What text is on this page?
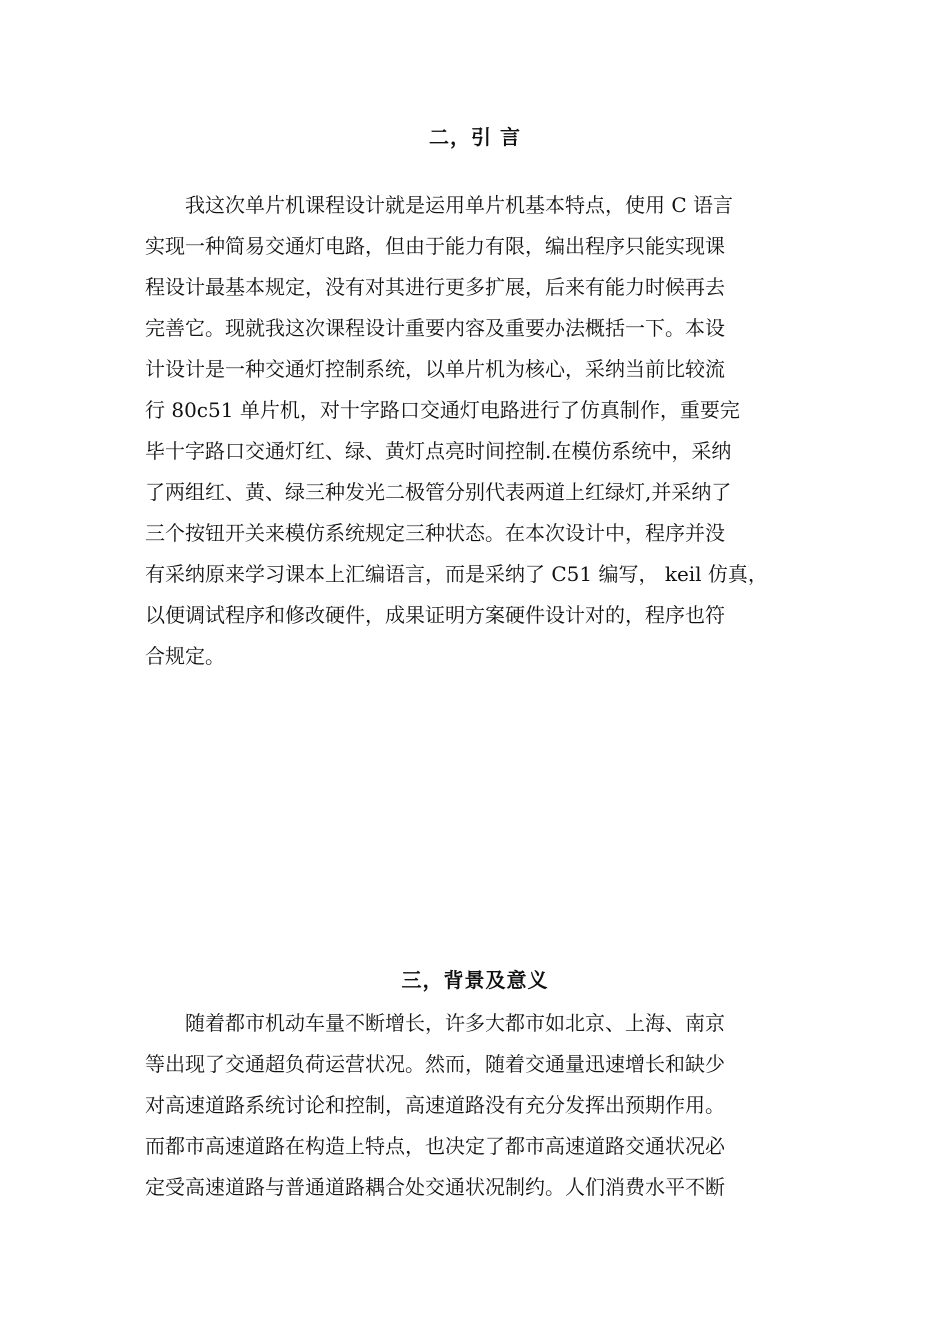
二，引 言
　　我这次单片机课程设计就是运用单片机基本特点，使用 C 语言
实现一种简易交通灯电路，但由于能力有限，编出程序只能实现课
程设计最基本规定，没有对其进行更多扩展，后来有能力时候再去
完善它。现就我这次课程设计重要内容及重要办法概括一下。本设
计设计是一种交通灯控制系统，以单片机为核心，采纳当前比较流
行 80c51 单片机，对十字路口交通灯电路进行了仿真制作，重要完
毕十字路口交通灯红、绿、黄灯点亮时间控制.在模仿系统中，采纳
了两组红、黄、绿三种发光二极管分别代表两道上红绿灯,并采纳了
三个按钮开关来模仿系统规定三种状态。在本次设计中，程序并没
有采纳原来学习课本上汇编语言，而是采纳了 C51 编写， keil 仿真，
以便调试程序和修改硬件，成果证明方案硬件设计对的，程序也符
合规定。
三，背景及意义
　　随着都市机动车量不断增长，许多大都市如北京、上海、南京
等出现了交通超负荷运营状况。然而，随着交通量迅速增长和缺少
对高速道路系统讨论和控制，高速道路没有充分发挥出预期作用。
而都市高速道路在构造上特点，也决定了都市高速道路交通状况必
定受高速道路与普通道路耦合处交通状况制约。人们消费水平不断
